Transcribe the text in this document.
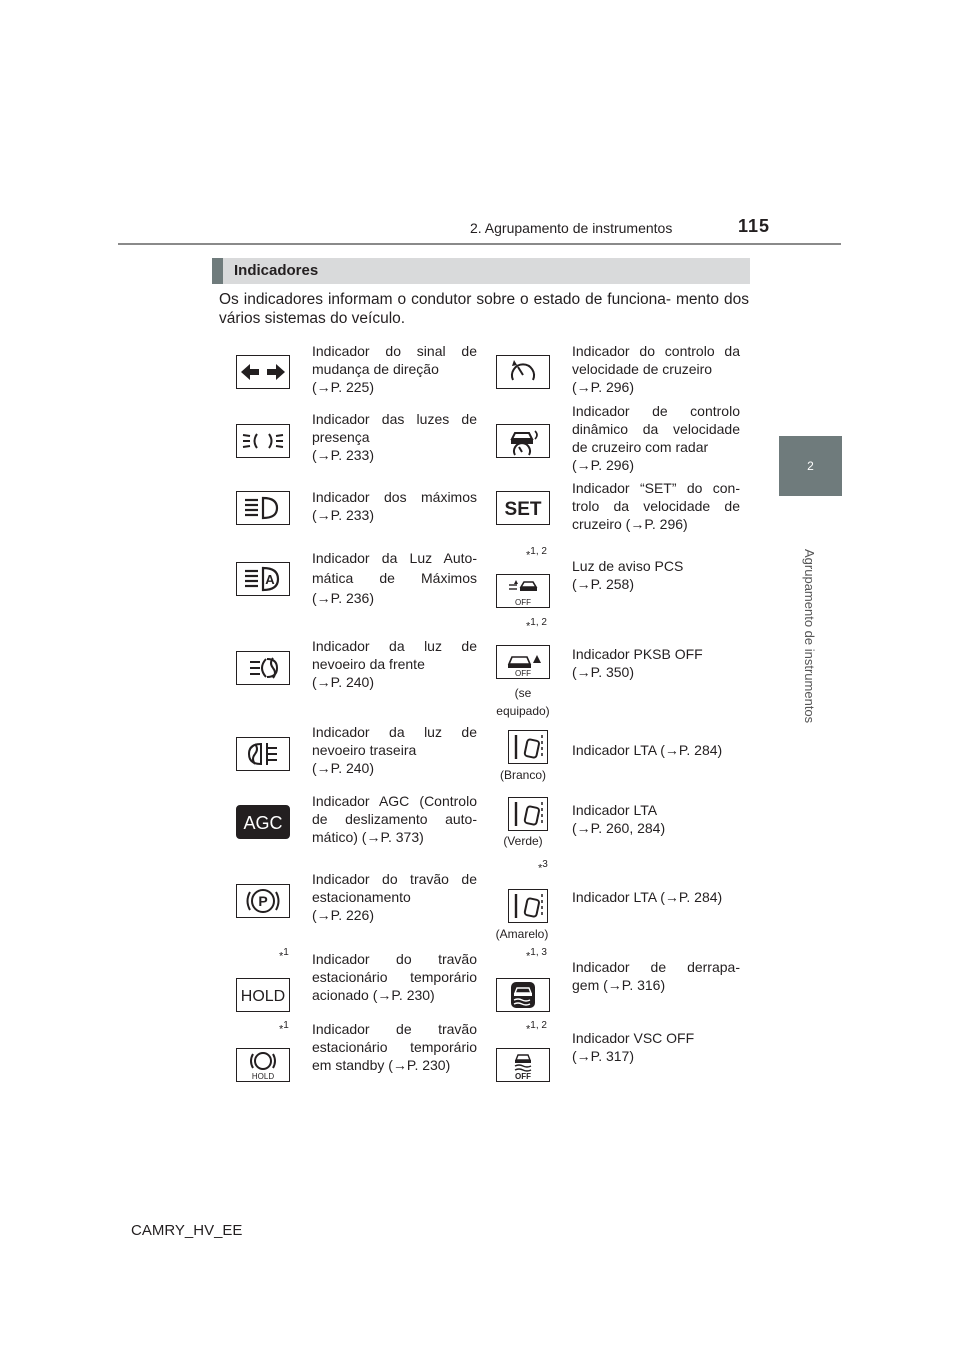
2. Agrupamento de instrumentos	115
2
Agrupamento de instrumentos
Indicadores
Os indicadores informam o condutor sobre o estado de funciona- mento dos vários sistemas do veículo.
Indicador do sinal de
mudança de direção
(→P. 225)
Indicador das luzes de
presença
(→P. 233)
Indicador dos máximos
(→P. 233)
A
Indicador da Luz Auto-
mática de Máximos
(→P. 236)
Indicador da luz de
nevoeiro da frente
(→P. 240)
Indicador da luz de
nevoeiro traseira
(→P. 240)
AGC
Indicador AGC (Controlo
de deslizamento auto-
mático) (→P. 373)
P
Indicador do travão de
estacionamento
(→P. 226)
*$^1$
HOLD
Indicador do travão
estacionário temporário
acionado (→P. 230)
*$^1$
HOLD
Indicador de travão
estacionário temporário
em standby (→P. 230)
Indicador do controlo da
velocidade de cruzeiro
(→P. 296)
Indicador de controlo
dinâmico da velocidade
de cruzeiro com radar
(→P. 296)
SET
Indicador “SET” do con-
trolo da velocidade de
cruzeiro (→P. 296)
*$^{1, 2}$
OFF
Luz de aviso PCS
(→P. 258)
*$^{1, 2}$
OFF
(se equipado)
Indicador PKSB OFF
(→P. 350)
(Branco)
Indicador LTA (→P. 284)
(Verde)
Indicador LTA
(→P. 260, 284)
*$^3$
(Amarelo)
Indicador LTA (→P. 284)
*$^{1, 3}$
Indicador de derrapa-
gem (→P. 316)
*$^{1, 2}$
OFF
Indicador VSC OFF
(→P. 317)
CAMRY_HV_EE
